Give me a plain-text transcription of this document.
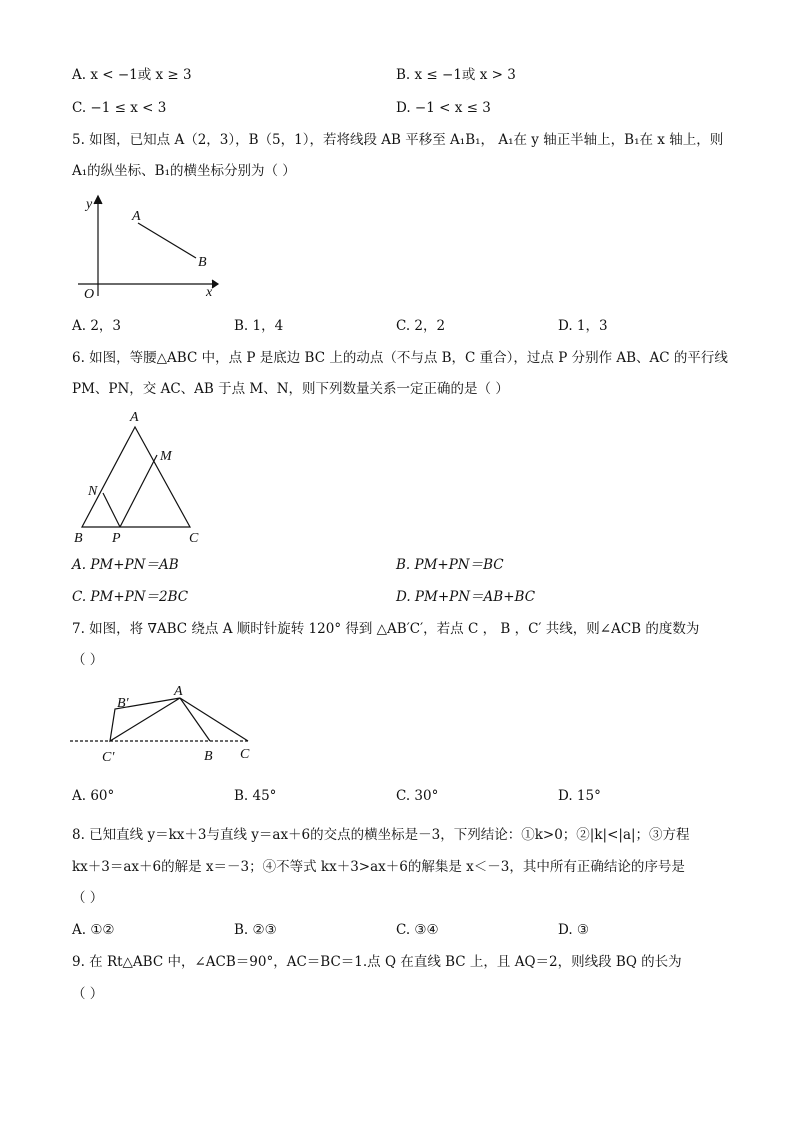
A. x < −1或 x ≥ 3	B. x ≤ −1或 x > 3
C. −1 ≤ x < 3	D. −1 < x ≤ 3
5. 如图，已知点 A（2，3），B（5，1），若将线段 AB 平移至 A₁B₁， A₁在 y 轴正半轴上，B₁在 x 轴上，则
A₁的纵坐标、B₁的横坐标分别为（ ）
y
x
O
A
B
A. 2，3	B. 1，4	C. 2，2	D. 1，3
6. 如图，等腰△ABC 中，点 P 是底边 BC 上的动点（不与点 B，C 重合），过点 P 分别作 AB、AC 的平行线
PM、PN，交 AC、AB 于点 M、N，则下列数量关系一定正确的是（ ）
A
M
N
B P	C
A. PM+PN＝AB	B. PM+PN＝BC
C. PM+PN＝2BC	D. PM+PN＝AB+BC
7. 如图，将 ∇ABC 绕点 A 顺时针旋转 120° 得到 △AB′C′，若点 C ， B ，C′ 共线，则∠ACB 的度数为
（ ）
A
B′
C′	B C
A. 60°	B. 45°	C. 30°	D. 15°
8. 已知直线 y＝kx＋3与直线 y＝ax＋6的交点的横坐标是－3，下列结论：①k>0；②|k|<|a|；③方程
kx＋3＝ax＋6的解是 x＝－3；④不等式 kx＋3>ax＋6的解集是 x＜－3，其中所有正确结论的序号是
（ ）
A. ①②	B. ②③	C. ③④	D. ③
9. 在 Rt△ABC 中，∠ACB＝90°，AC＝BC＝1.点 Q 在直线 BC 上，且 AQ＝2，则线段 BQ 的长为
（ ）
